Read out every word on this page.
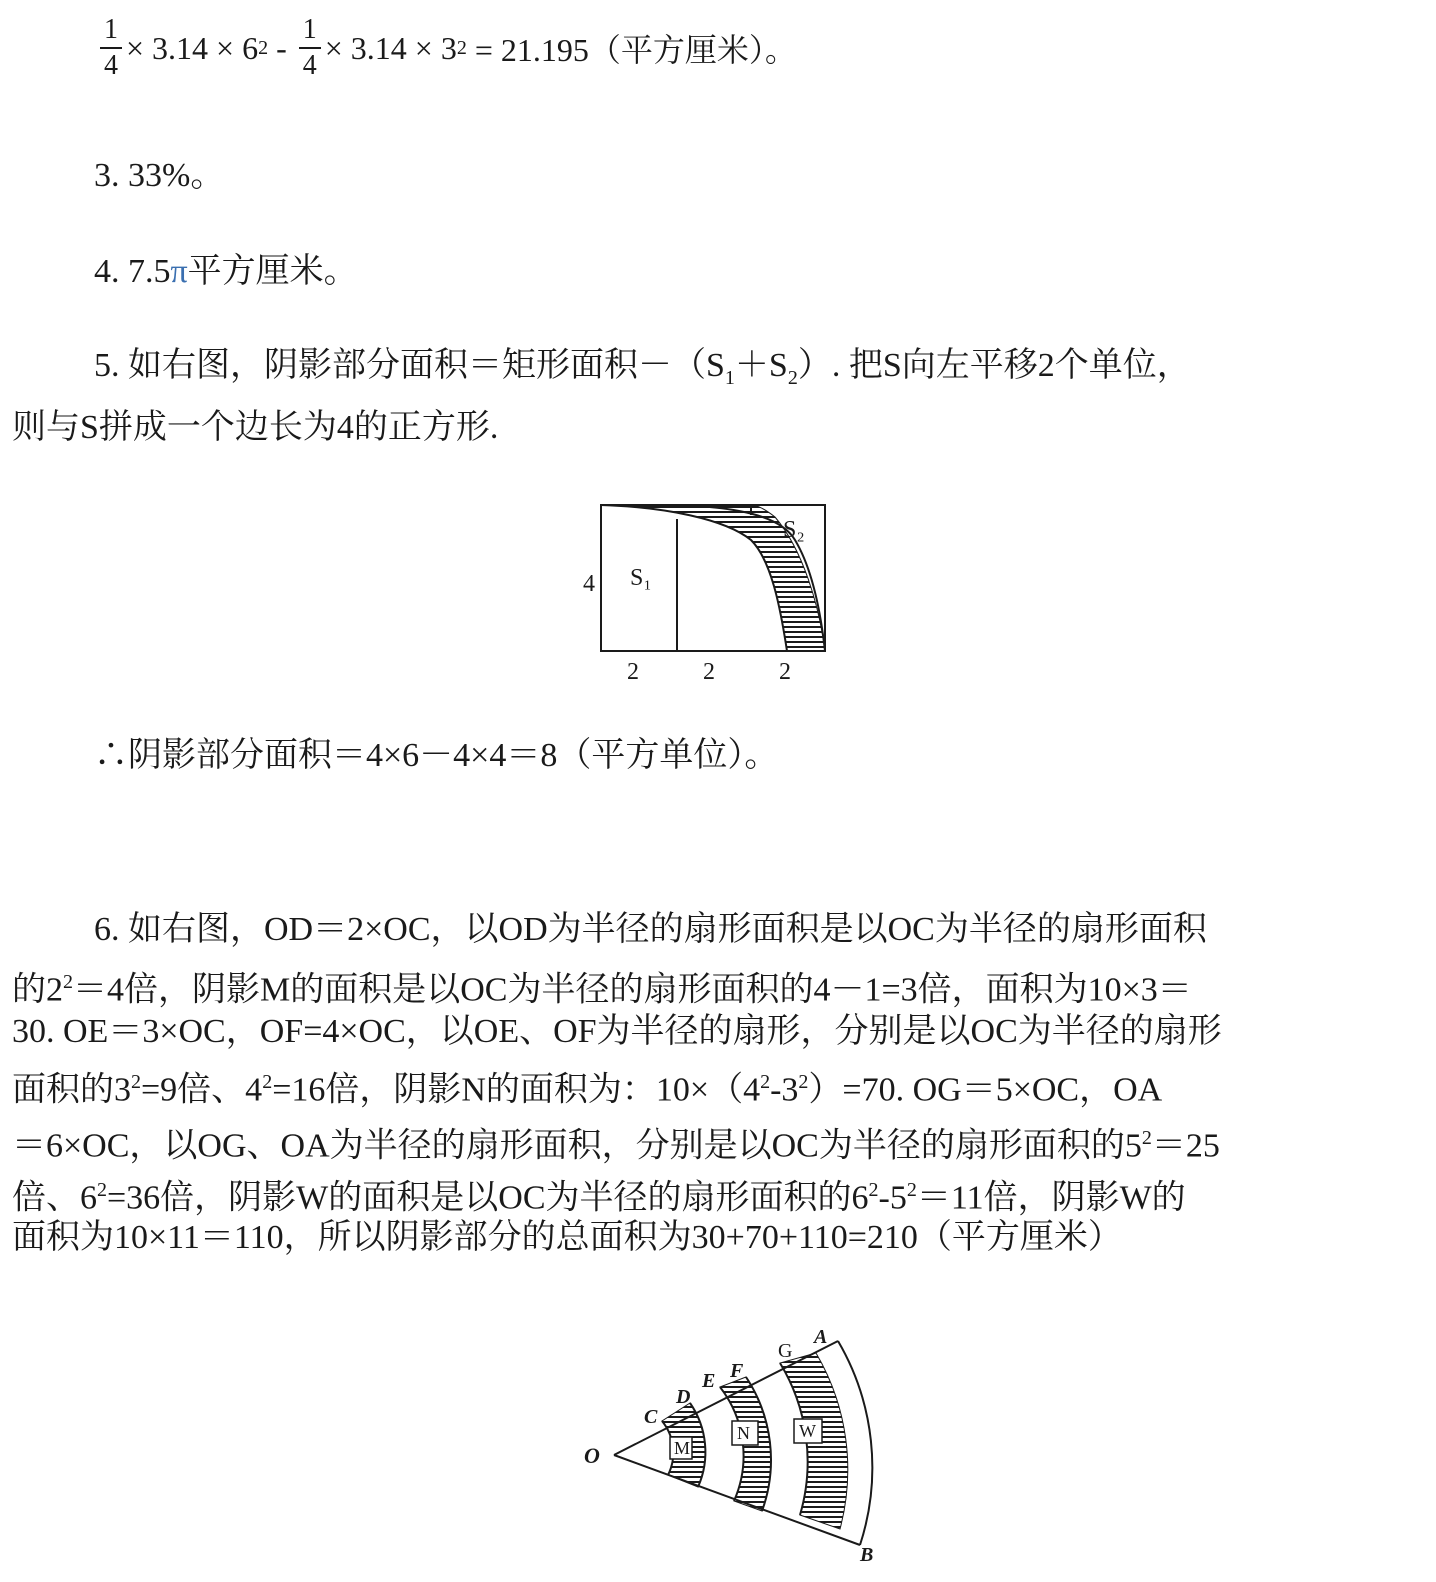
$\frac{1}{4} \times 3.14 \times 6$ $2 - \frac{1}{4} \times 3.14 \times 3$ 2 = 21.195（平方厘米）。
3. 33%。
4. 7.5π平方厘米。
5. 如右图，阴影部分面积＝矩形面积$-(S_1+S_2)$. 把S向左平移2个单位，
则与S拼成一个边长为4的正方形.
S₁
S₂
4
2	2	2
∴阴影部分面积＝4×6－4×4＝8（平方单位）。
6. 如右图，OD＝2×OC，以OD为半径的扇形面积是以OC为半径的扇形面积
的$2^2=4$倍，阴影M的面积是以OC为半径的扇形面积的4－1=3倍，面积为10×3＝
30. OE＝3×OC，OF=4×OC，以OE、OF为半径的扇形，分别是以OC为半径的扇形
面积的$3^2=9$倍、$4^2=16$倍，阴影N的面积为：$10\times(4^2-3^2)=70$. OG＝5×OC，OA
＝6×OC，以OG、OA为半径的扇形面积，分别是以OC为半径的扇形面积的$5^2=25$
倍、$6^2=36$倍，阴影W的面积是以OC为半径的扇形面积的$6^2-5^2=11$倍，阴影W的
面积为10×11＝110，所以阴影部分的总面积为30+70+110=210（平方厘米）
M
N	W
O
C
D
E F
G
A
B
